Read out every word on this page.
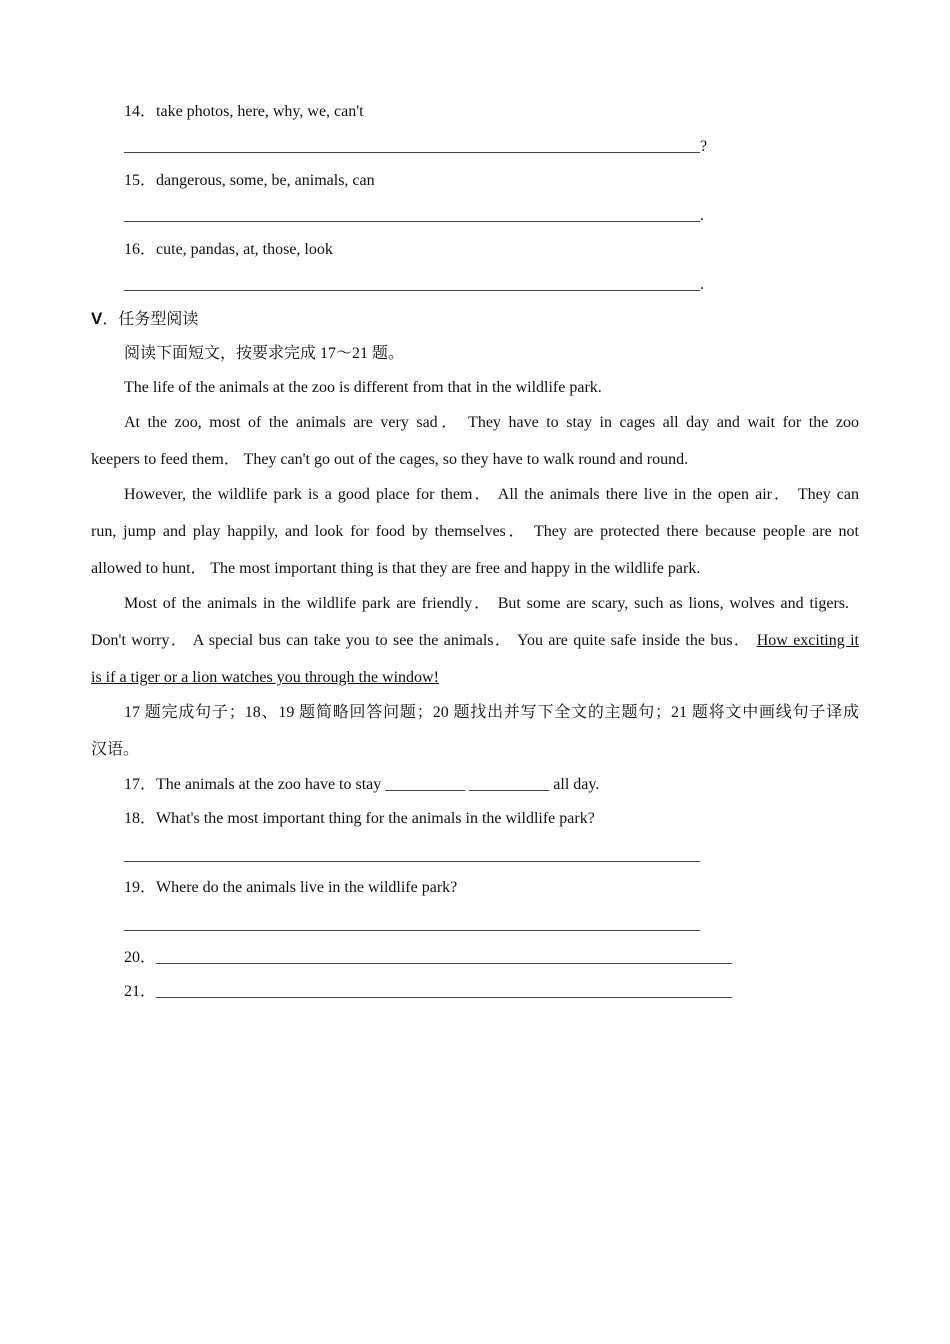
14．take photos, here, why, we, can't
________________________________________________________________________?
15．dangerous, some, be, animals, can
________________________________________________________________________.
16．cute, pandas, at, those, look
________________________________________________________________________.
V．任务型阅读
阅读下面短文，按要求完成 17～21 题。
The life of the animals at the zoo is different from that in the wildlife park.
At the zoo, most of the animals are very sad． They have to stay in cages all day and wait for the zoo
keepers to feed them． They can't go out of the cages, so they have to walk round and round.
However, the wildlife park is a good place for them． All the animals there live in the open air． They can
run, jump and play happily, and look for food by themselves． They are protected there because people are not
allowed to hunt． The most important thing is that they are free and happy in the wildlife park.
Most of the animals in the wildlife park are friendly． But some are scary, such as lions, wolves and tigers.
Don't worry． A special bus can take you to see the animals． You are quite safe inside the bus． How exciting it
is if a tiger or a lion watches you through the window!
17 题完成句子；18、19 题简略回答问题；20 题找出并写下全文的主题句；21 题将文中画线句子译成
汉语。
17．The animals at the zoo have to stay __________ __________ all day.
18．What's the most important thing for the animals in the wildlife park?
________________________________________________________________________
19．Where do the animals live in the wildlife park?
________________________________________________________________________
20．________________________________________________________________________
21．________________________________________________________________________
